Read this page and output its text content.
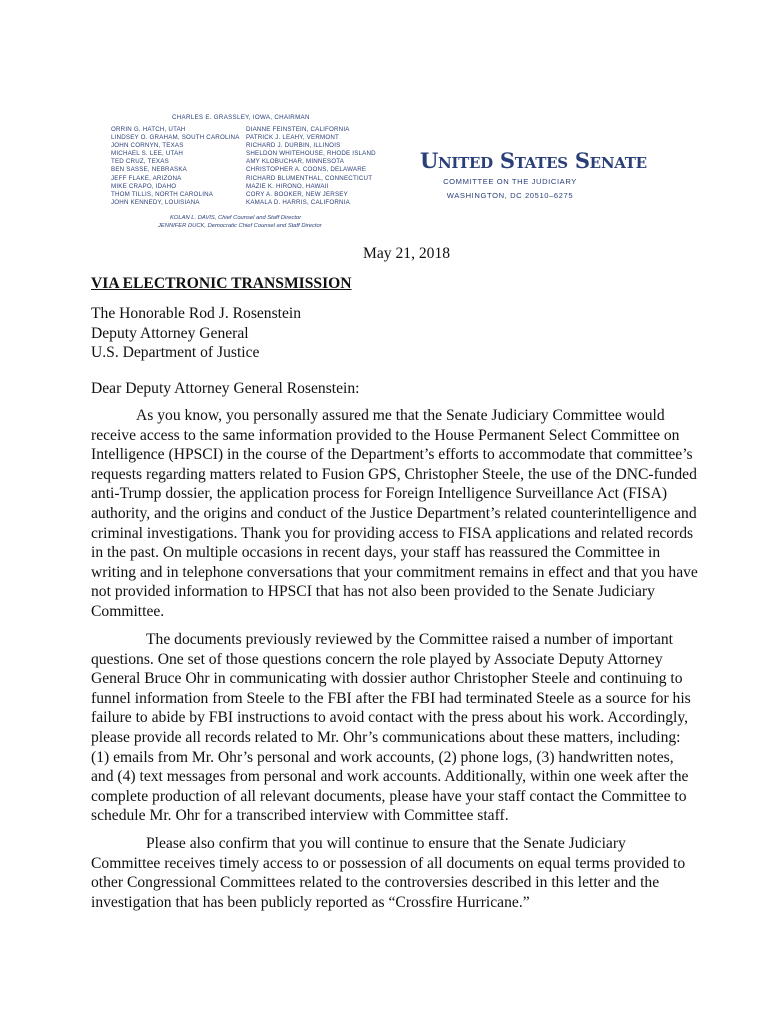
CHARLES E. GRASSLEY, IOWA, CHAIRMAN
ORRIN G. HATCH, UTAH
LINDSEY O. GRAHAM, SOUTH CAROLINA
JOHN CORNYN, TEXAS
MICHAEL S. LEE, UTAH
TED CRUZ, TEXAS
BEN SASSE, NEBRASKA
JEFF FLAKE, ARIZONA
MIKE CRAPO, IDAHO
THOM TILLIS, NORTH CAROLINA
JOHN KENNEDY, LOUISIANA
DIANNE FEINSTEIN, CALIFORNIA
PATRICK J. LEAHY, VERMONT
RICHARD J. DURBIN, ILLINOIS
SHELDON WHITEHOUSE, RHODE ISLAND
AMY KLOBUCHAR, MINNESOTA
CHRISTOPHER A. COONS, DELAWARE
RICHARD BLUMENTHAL, CONNECTICUT
MAZIE K. HIRONO, HAWAII
CORY A. BOOKER, NEW JERSEY
KAMALA D. HARRIS, CALIFORNIA
KOLAN L. DAVIS, Chief Counsel and Staff Director
JENNIFER DUCK, Democratic Chief Counsel and Staff Director
United States Senate
COMMITTEE ON THE JUDICIARY
WASHINGTON, DC 20510–6275
May 21, 2018
VIA ELECTRONIC TRANSMISSION
The Honorable Rod J. Rosenstein
Deputy Attorney General
U.S. Department of Justice
Dear Deputy Attorney General Rosenstein:
As you know, you personally assured me that the Senate Judiciary Committee would
receive access to the same information provided to the House Permanent Select Committee on
Intelligence (HPSCI) in the course of the Department’s efforts to accommodate that committee’s
requests regarding matters related to Fusion GPS, Christopher Steele, the use of the DNC-funded
anti-Trump dossier, the application process for Foreign Intelligence Surveillance Act (FISA)
authority, and the origins and conduct of the Justice Department’s related counterintelligence and
criminal investigations. Thank you for providing access to FISA applications and related records
in the past. On multiple occasions in recent days, your staff has reassured the Committee in
writing and in telephone conversations that your commitment remains in effect and that you have
not provided information to HPSCI that has not also been provided to the Senate Judiciary
Committee.
The documents previously reviewed by the Committee raised a number of important
questions. One set of those questions concern the role played by Associate Deputy Attorney
General Bruce Ohr in communicating with dossier author Christopher Steele and continuing to
funnel information from Steele to the FBI after the FBI had terminated Steele as a source for his
failure to abide by FBI instructions to avoid contact with the press about his work. Accordingly,
please provide all records related to Mr. Ohr’s communications about these matters, including:
(1) emails from Mr. Ohr’s personal and work accounts, (2) phone logs, (3) handwritten notes,
and (4) text messages from personal and work accounts. Additionally, within one week after the
complete production of all relevant documents, please have your staff contact the Committee to
schedule Mr. Ohr for a transcribed interview with Committee staff.
Please also confirm that you will continue to ensure that the Senate Judiciary
Committee receives timely access to or possession of all documents on equal terms provided to
other Congressional Committees related to the controversies described in this letter and the
investigation that has been publicly reported as “Crossfire Hurricane.”
